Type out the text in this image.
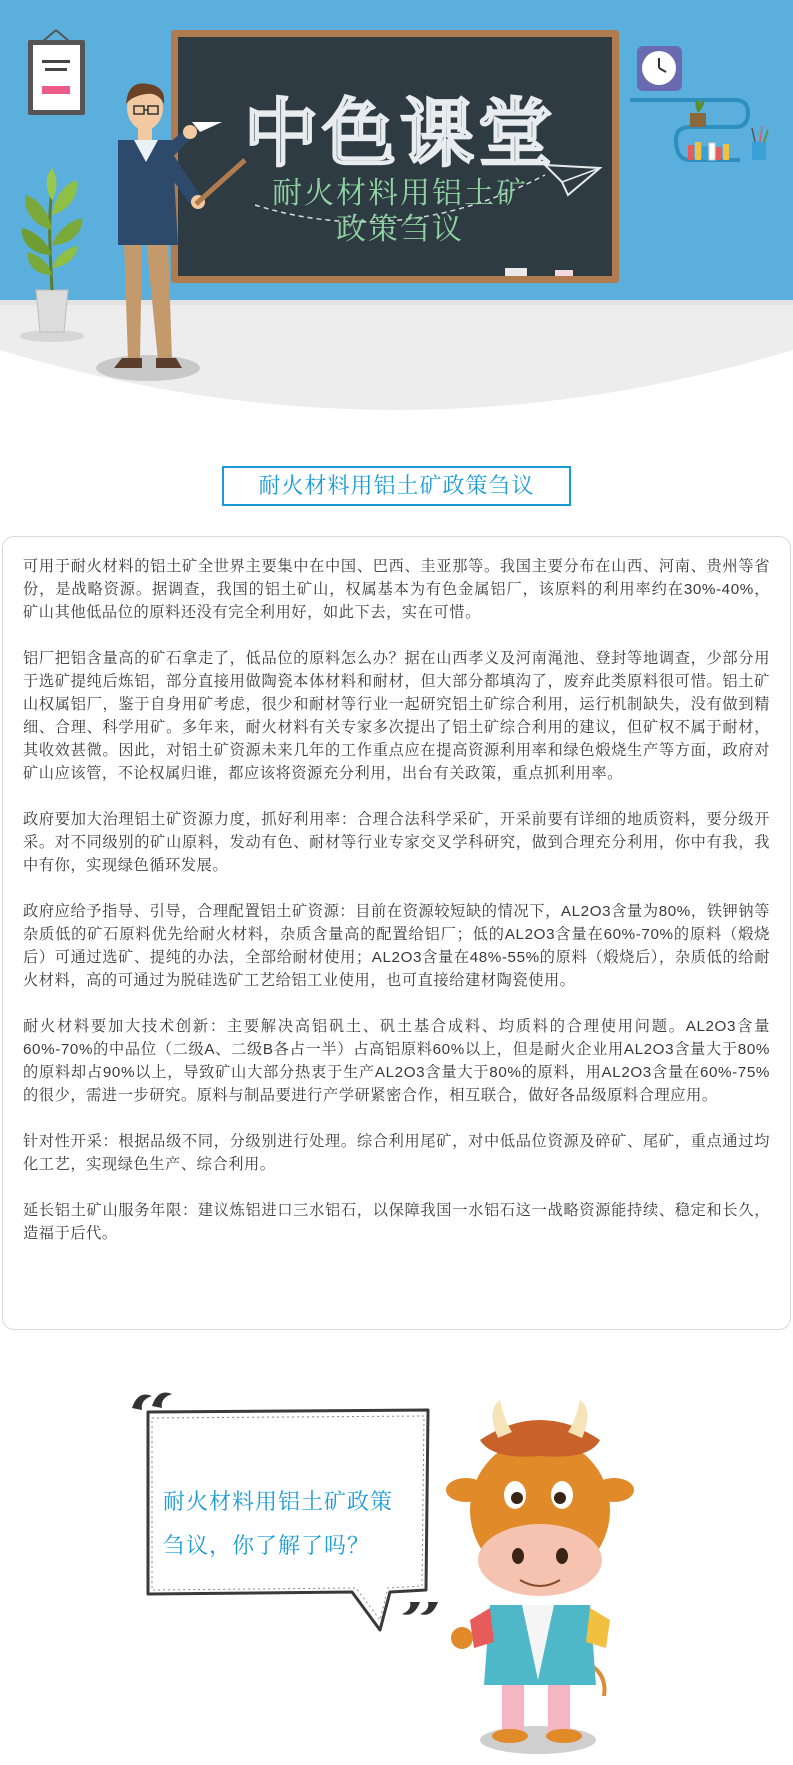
中色课堂
耐火材料用铝土矿
政策刍议
耐火材料用铝土矿政策刍议

可用于耐火材料的铝土矿全世界主要集中在中国、巴西、圭亚那等。我国主要分布在山西、河南、贵州等省份，是战略资源。据调查，我国的铝土矿山，权属基本为有色金属铝厂，该原料的利用率约在30%-40%，矿山其他低品位的原料还没有完全利用好，如此下去，实在可惜。

铝厂把铝含量高的矿石拿走了，低品位的原料怎么办？据在山西孝义及河南渑池、登封等地调查，少部分用于选矿提纯后炼铝，部分直接用做陶瓷本体材料和耐材，但大部分都填沟了，废弃此类原料很可惜。铝土矿山权属铝厂，鉴于自身用矿考虑，很少和耐材等行业一起研究铝土矿综合利用，运行机制缺失，没有做到精细、合理、科学用矿。多年来，耐火材料有关专家多次提出了铝土矿综合利用的建议，但矿权不属于耐材，其收效甚微。因此，对铝土矿资源未来几年的工作重点应在提高资源利用率和绿色煅烧生产等方面，政府对矿山应该管，不论权属归谁，都应该将资源充分利用，出台有关政策，重点抓利用率。

政府要加大治理铝土矿资源力度，抓好利用率：合理合法科学采矿，开采前要有详细的地质资料，要分级开采。对不同级别的矿山原料，发动有色、耐材等行业专家交叉学科研究，做到合理充分利用，你中有我，我中有你，实现绿色循环发展。

政府应给予指导、引导，合理配置铝土矿资源：目前在资源较短缺的情况下，AL2O3含量为80%，铁钾钠等杂质低的矿石原料优先给耐火材料，杂质含量高的配置给铝厂；低的AL2O3含量在60%-70%的原料（煅烧后）可通过选矿、提纯的办法，全部给耐材使用；AL2O3含量在48%-55%的原料（煅烧后），杂质低的给耐火材料，高的可通过为脱硅选矿工艺给铝工业使用，也可直接给建材陶瓷使用。

耐火材料要加大技术创新：主要解决高铝矾土、矾土基合成料、均质料的合理使用问题。AL2O3含量60%-70%的中品位（二级A、二级B各占一半）占高铝原料60%以上，但是耐火企业用AL2O3含量大于80%的原料却占90%以上，导致矿山大部分热衷于生产AL2O3含量大于80%的原料，用AL2O3含量在60%-75%的很少，需进一步研究。原料与制品要进行产学研紧密合作，相互联合，做好各品级原料合理应用。

针对性开采：根据品级不同，分级别进行处理。综合利用尾矿，对中低品位资源及碎矿、尾矿，重点通过均化工艺，实现绿色生产、综合利用。

延长铝土矿山服务年限：建议炼铝进口三水铝石，以保障我国一水铝石这一战略资源能持续、稳定和长久，造福于后代。

耐火材料用铝土矿政策
刍议，你了解了吗？
